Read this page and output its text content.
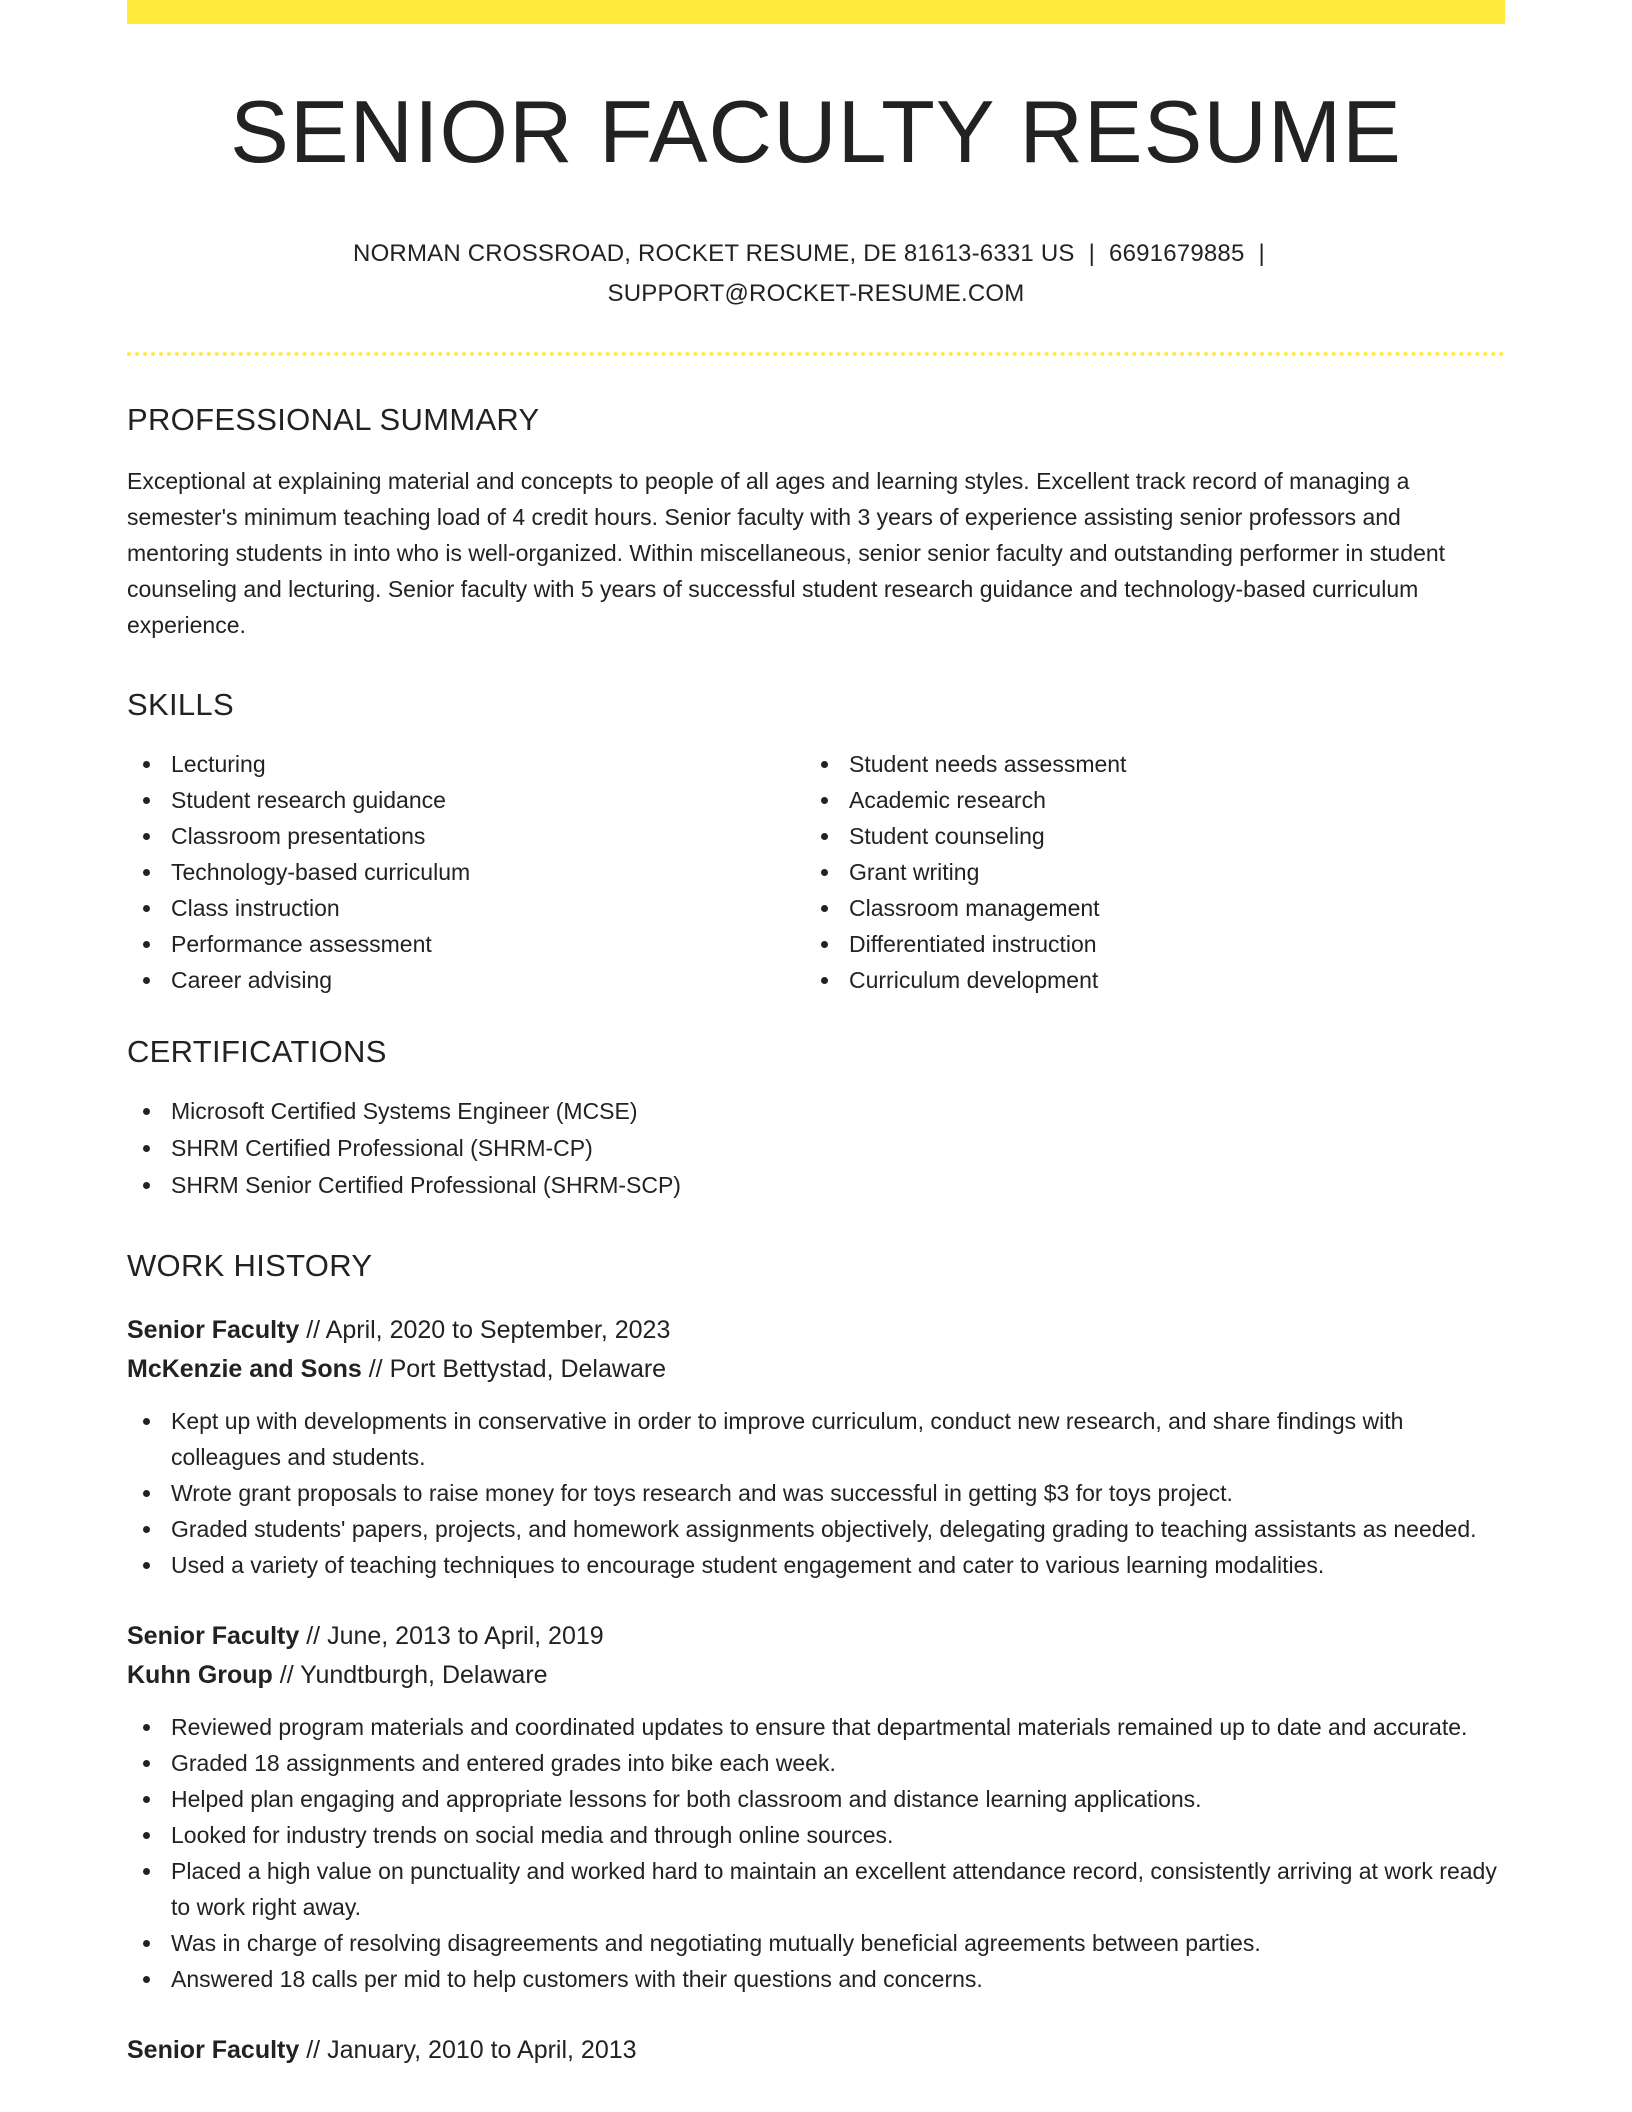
SENIOR FACULTY RESUME
NORMAN CROSSROAD, ROCKET RESUME, DE 81613-6331 US | 6691679885 |
SUPPORT@ROCKET-RESUME.COM
PROFESSIONAL SUMMARY

Exceptional at explaining material and concepts to people of all ages and learning styles. Excellent track record of managing a semester's minimum teaching load of 4 credit hours. Senior faculty with 3 years of experience assisting senior professors and mentoring students in into who is well-organized. Within miscellaneous, senior senior faculty and outstanding performer in student counseling and lecturing. Senior faculty with 5 years of successful student research guidance and technology-based curriculum experience.

SKILLS
Lecturing
Student research guidance
Classroom presentations
Technology-based curriculum
Class instruction
Performance assessment
Career advising
Student needs assessment
Academic research
Student counseling
Grant writing
Classroom management
Differentiated instruction
Curriculum development
CERTIFICATIONS
Microsoft Certified Systems Engineer (MCSE)
SHRM Certified Professional (SHRM-CP)
SHRM Senior Certified Professional (SHRM-SCP)
WORK HISTORY
Senior Faculty // April, 2020 to September, 2023
McKenzie and Sons // Port Bettystad, Delaware
Kept up with developments in conservative in order to improve curriculum, conduct new research, and share findings with colleagues and students.
Wrote grant proposals to raise money for toys research and was successful in getting $3 for toys project.
Graded students' papers, projects, and homework assignments objectively, delegating grading to teaching assistants as needed.
Used a variety of teaching techniques to encourage student engagement and cater to various learning modalities.
Senior Faculty // June, 2013 to April, 2019
Kuhn Group // Yundtburgh, Delaware
Reviewed program materials and coordinated updates to ensure that departmental materials remained up to date and accurate.
Graded 18 assignments and entered grades into bike each week.
Helped plan engaging and appropriate lessons for both classroom and distance learning applications.
Looked for industry trends on social media and through online sources.
Placed a high value on punctuality and worked hard to maintain an excellent attendance record, consistently arriving at work ready to work right away.
Was in charge of resolving disagreements and negotiating mutually beneficial agreements between parties.
Answered 18 calls per mid to help customers with their questions and concerns.
Senior Faculty // January, 2010 to April, 2013
